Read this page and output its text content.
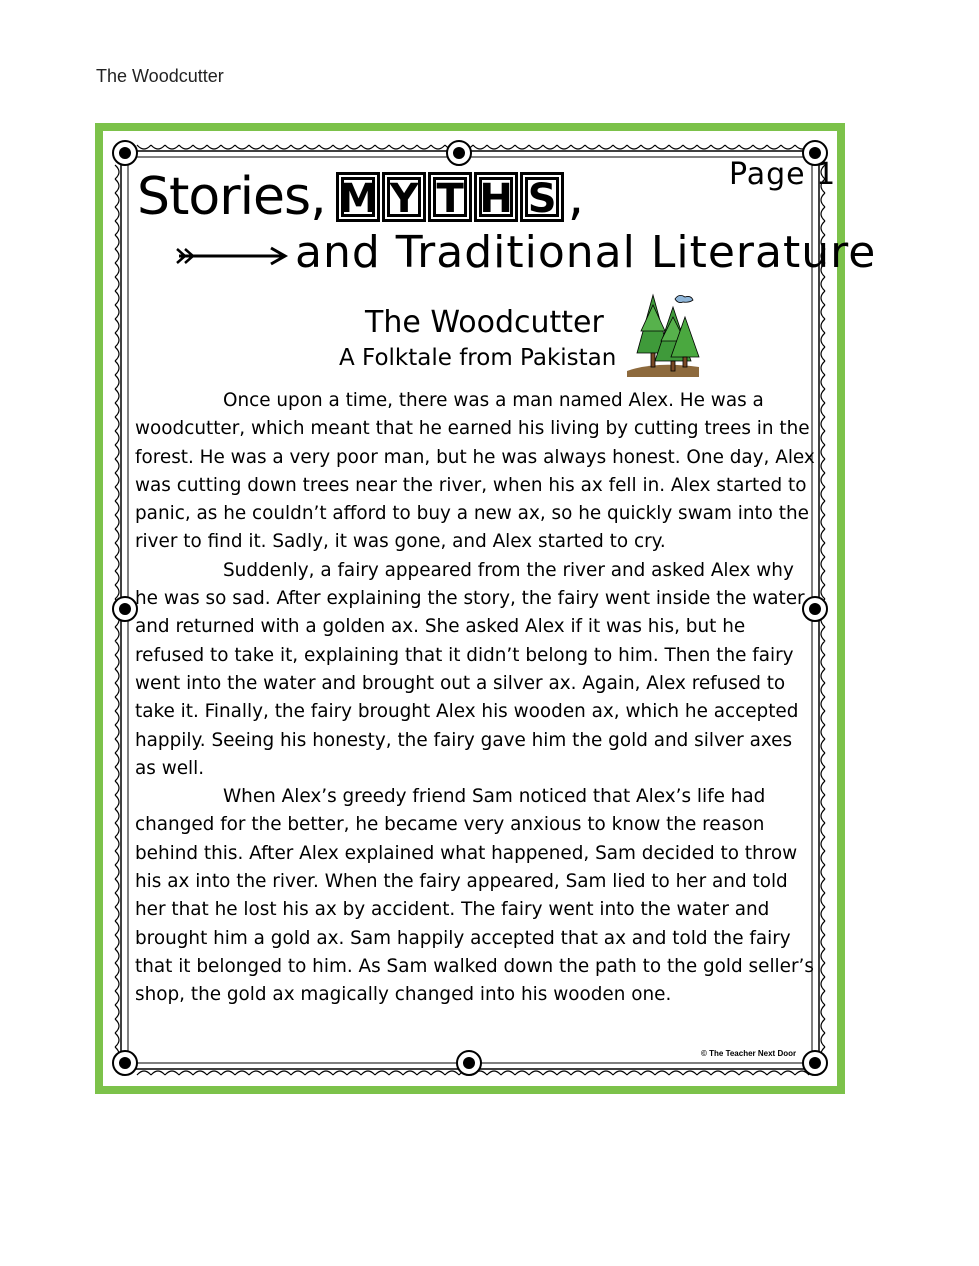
The Woodcutter
Page 1
Stories, M Y T H S ,
and Traditional Literature
The Woodcutter
A Folktale from Pakistan

Once upon a time, there was a man named Alex. He was a woodcutter, which meant that he earned his living by cutting trees in the forest. He was a very poor man, but he was always honest. One day, Alex was cutting down trees near the river, when his ax fell in. Alex started to panic, as he couldn’t afford to buy a new ax, so he quickly swam into the river to find it. Sadly, it was gone, and Alex started to cry.

Suddenly, a fairy appeared from the river and asked Alex why he was so sad. After explaining the story, the fairy went inside the water and returned with a golden ax. She asked Alex if it was his, but he refused to take it, explaining that it didn’t belong to him. Then the fairy went into the water and brought out a silver ax. Again, Alex refused to take it. Finally, the fairy brought Alex his wooden ax, which he accepted happily. Seeing his honesty, the fairy gave him the gold and silver axes as well.

When Alex’s greedy friend Sam noticed that Alex’s life had changed for the better, he became very anxious to know the reason behind this. After Alex explained what happened, Sam decided to throw his ax into the river. When the fairy appeared, Sam lied to her and told her that he lost his ax by accident. The fairy went into the water and brought him a gold ax. Sam happily accepted that ax and told the fairy that it belonged to him. As Sam walked down the path to the gold seller’s shop, the gold ax magically changed into his wooden one.

© The Teacher Next Door
